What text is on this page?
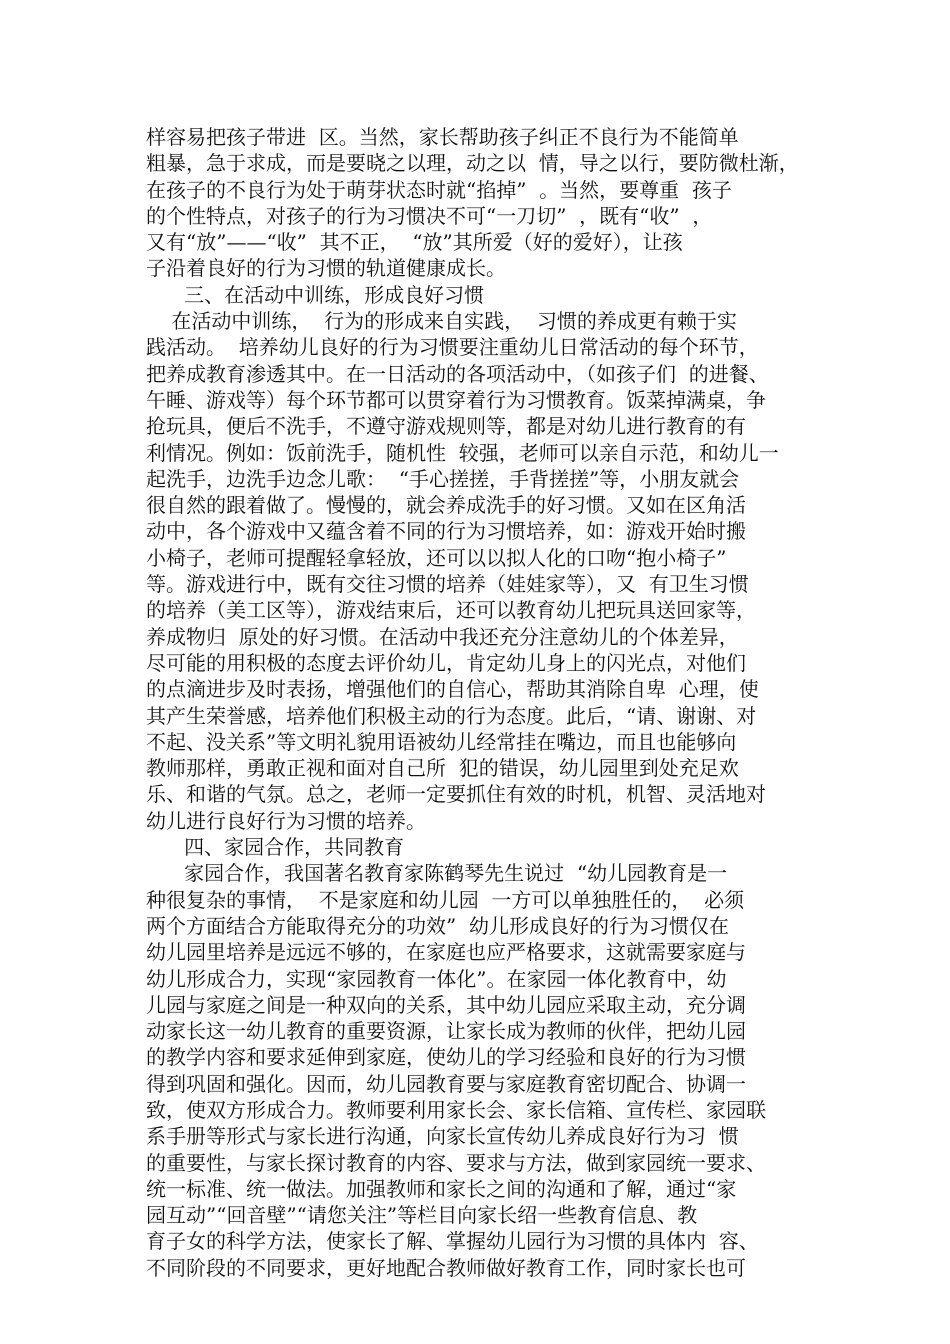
样容易把孩子带进  区。当然，家长帮助孩子纠正不良行为不能简单
粗暴，急于求成，而是要晓之以理，动之以  情，导之以行，要防微杜渐，
在孩子的不良行为处于萌芽状态时就“掐掉”  。当然，要尊重  孩子
的个性特点，对孩子的行为习惯决不可“一刀切”  ，既有“收”  ，
又有“放”——“收”  其不正，  “放”其所爱（好的爱好），让孩
子沿着良好的行为习惯的轨道健康成长。
三、在活动中训练，形成良好习惯
在活动中训练，  行为的形成来自实践，  习惯的养成更有赖于实
践活动。  培养幼儿良好的行为习惯要注重幼儿日常活动的每个环节，
把养成教育渗透其中。在一日活动的各项活动中，（如孩子们  的进餐、
午睡、游戏等）每个环节都可以贯穿着行为习惯教育。饭菜掉满桌，争
抢玩具，便后不洗手，不遵守游戏规则等，都是对幼儿进行教育的有
利情况。例如：饭前洗手，随机性  较强，老师可以亲自示范，和幼儿一
起洗手，边洗手边念儿歌：  “手心搓搓，手背搓搓”等，小朋友就会
很自然的跟着做了。慢慢的，就会养成洗手的好习惯。又如在区角活
动中，各个游戏中又蕴含着不同的行为习惯培养，如：游戏开始时搬
小椅子，老师可提醒轻拿轻放，还可以以拟人化的口吻“抱小椅子”
等。游戏进行中，既有交往习惯的培养（娃娃家等），又  有卫生习惯
的培养（美工区等），游戏结束后，还可以教育幼儿把玩具送回家等，
养成物归  原处的好习惯。在活动中我还充分注意幼儿的个体差异，
尽可能的用积极的态度去评价幼儿，肯定幼儿身上的闪光点，对他们
的点滴进步及时表扬，增强他们的自信心，帮助其消除自卑  心理，使
其产生荣誉感，培养他们积极主动的行为态度。此后，“请、谢谢、对
不起、没关系”等文明礼貌用语被幼儿经常挂在嘴边，而且也能够向
教师那样，勇敢正视和面对自己所  犯的错误，幼儿园里到处充足欢
乐、和谐的气氛。总之，老师一定要抓住有效的时机，机智、灵活地对
幼儿进行良好行为习惯的培养。
四、家园合作，共同教育
家园合作，我国著名教育家陈鹤琴先生说过  “幼儿园教育是一
种很复杂的事情，  不是家庭和幼儿园  一方可以单独胜任的，  必须
两个方面结合方能取得充分的功效”  幼儿形成良好的行为习惯仅在
幼儿园里培养是远远不够的，在家庭也应严格要求，这就需要家庭与
幼儿形成合力，实现“家园教育一体化”。在家园一体化教育中，幼
儿园与家庭之间是一种双向的关系，其中幼儿园应采取主动，充分调
动家长这一幼儿教育的重要资源，让家长成为教师的伙伴，把幼儿园
的教学内容和要求延伸到家庭，使幼儿的学习经验和良好的行为习惯
得到巩固和强化。因而，幼儿园教育要与家庭教育密切配合、协调一
致，使双方形成合力。教师要利用家长会、家长信箱、宣传栏、家园联
系手册等形式与家长进行沟通，向家长宣传幼儿养成良好行为习  惯
的重要性，与家长探讨教育的内容、要求与方法，做到家园统一要求、
统一标准、统一做法。加强教师和家长之间的沟通和了解，通过“家
园互动”“回音壁”“请您关注”等栏目向家长绍一些教育信息、教
育子女的科学方法，使家长了解、掌握幼儿园行为习惯的具体内  容、
不同阶段的不同要求，更好地配合教师做好教育工作，同时家长也可
